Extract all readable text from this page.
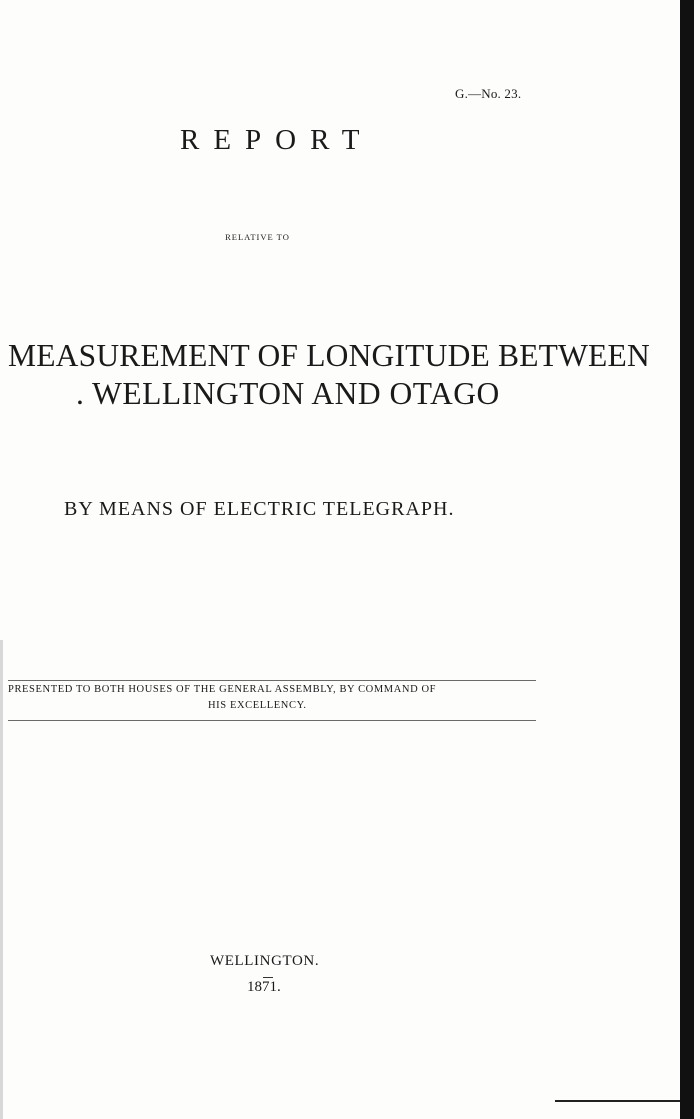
G.—No. 23.
REPORT
RELATIVE TO
MEASUREMENT OF LONGITUDE BETWEEN
. WELLINGTON AND OTAGO
BY MEANS OF ELECTRIC TELEGRAPH.
PRESENTED TO BOTH HOUSES OF THE GENERAL ASSEMBLY, BY COMMAND OF
HIS EXCELLENCY.
WELLINGTON.
1871.
